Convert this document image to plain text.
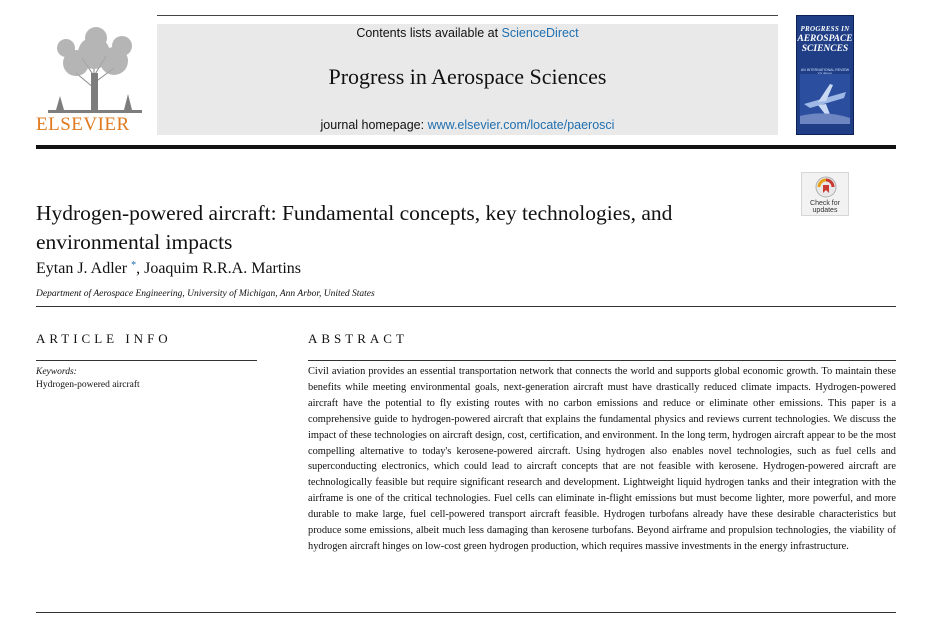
ELSEVIER
Contents lists available at ScienceDirect
Progress in Aerospace Sciences
journal homepage: www.elsevier.com/locate/paerosci
PROGRESS IN
AEROSPACE
SCIENCES
AN INTERNATIONAL REVIEW
Check for
updates
Hydrogen-powered aircraft: Fundamental concepts, key technologies, and environmental impacts
Eytan J. Adler *, Joaquim R.R.A. Martins
Department of Aerospace Engineering, University of Michigan, Ann Arbor, United States
ARTICLE INFO
Keywords:
Hydrogen-powered aircraft
ABSTRACT
Civil aviation provides an essential transportation network that connects the world and supports global economic growth. To maintain these benefits while meeting environmental goals, next-generation aircraft must have drastically reduced climate impacts. Hydrogen-powered aircraft have the potential to fly existing routes with no carbon emissions and reduce or eliminate other emissions. This paper is a comprehensive guide to hydrogen-powered aircraft that explains the fundamental physics and reviews current technologies. We discuss the impact of these technologies on aircraft design, cost, certification, and environment. In the long term, hydrogen aircraft appear to be the most compelling alternative to today's kerosene-powered aircraft. Using hydrogen also enables novel technologies, such as fuel cells and superconducting electronics, which could lead to aircraft concepts that are not feasible with kerosene. Hydrogen-powered aircraft are technologically feasible but require significant research and development. Lightweight liquid hydrogen tanks and their integration with the airframe is one of the critical technologies. Fuel cells can eliminate in-flight emissions but must become lighter, more powerful, and more durable to make large, fuel cell-powered transport aircraft feasible. Hydrogen turbofans already have these desirable characteristics but produce some emissions, albeit much less damaging than kerosene turbofans. Beyond airframe and propulsion technologies, the viability of hydrogen aircraft hinges on low-cost green hydrogen production, which requires massive investments in the energy infrastructure.
